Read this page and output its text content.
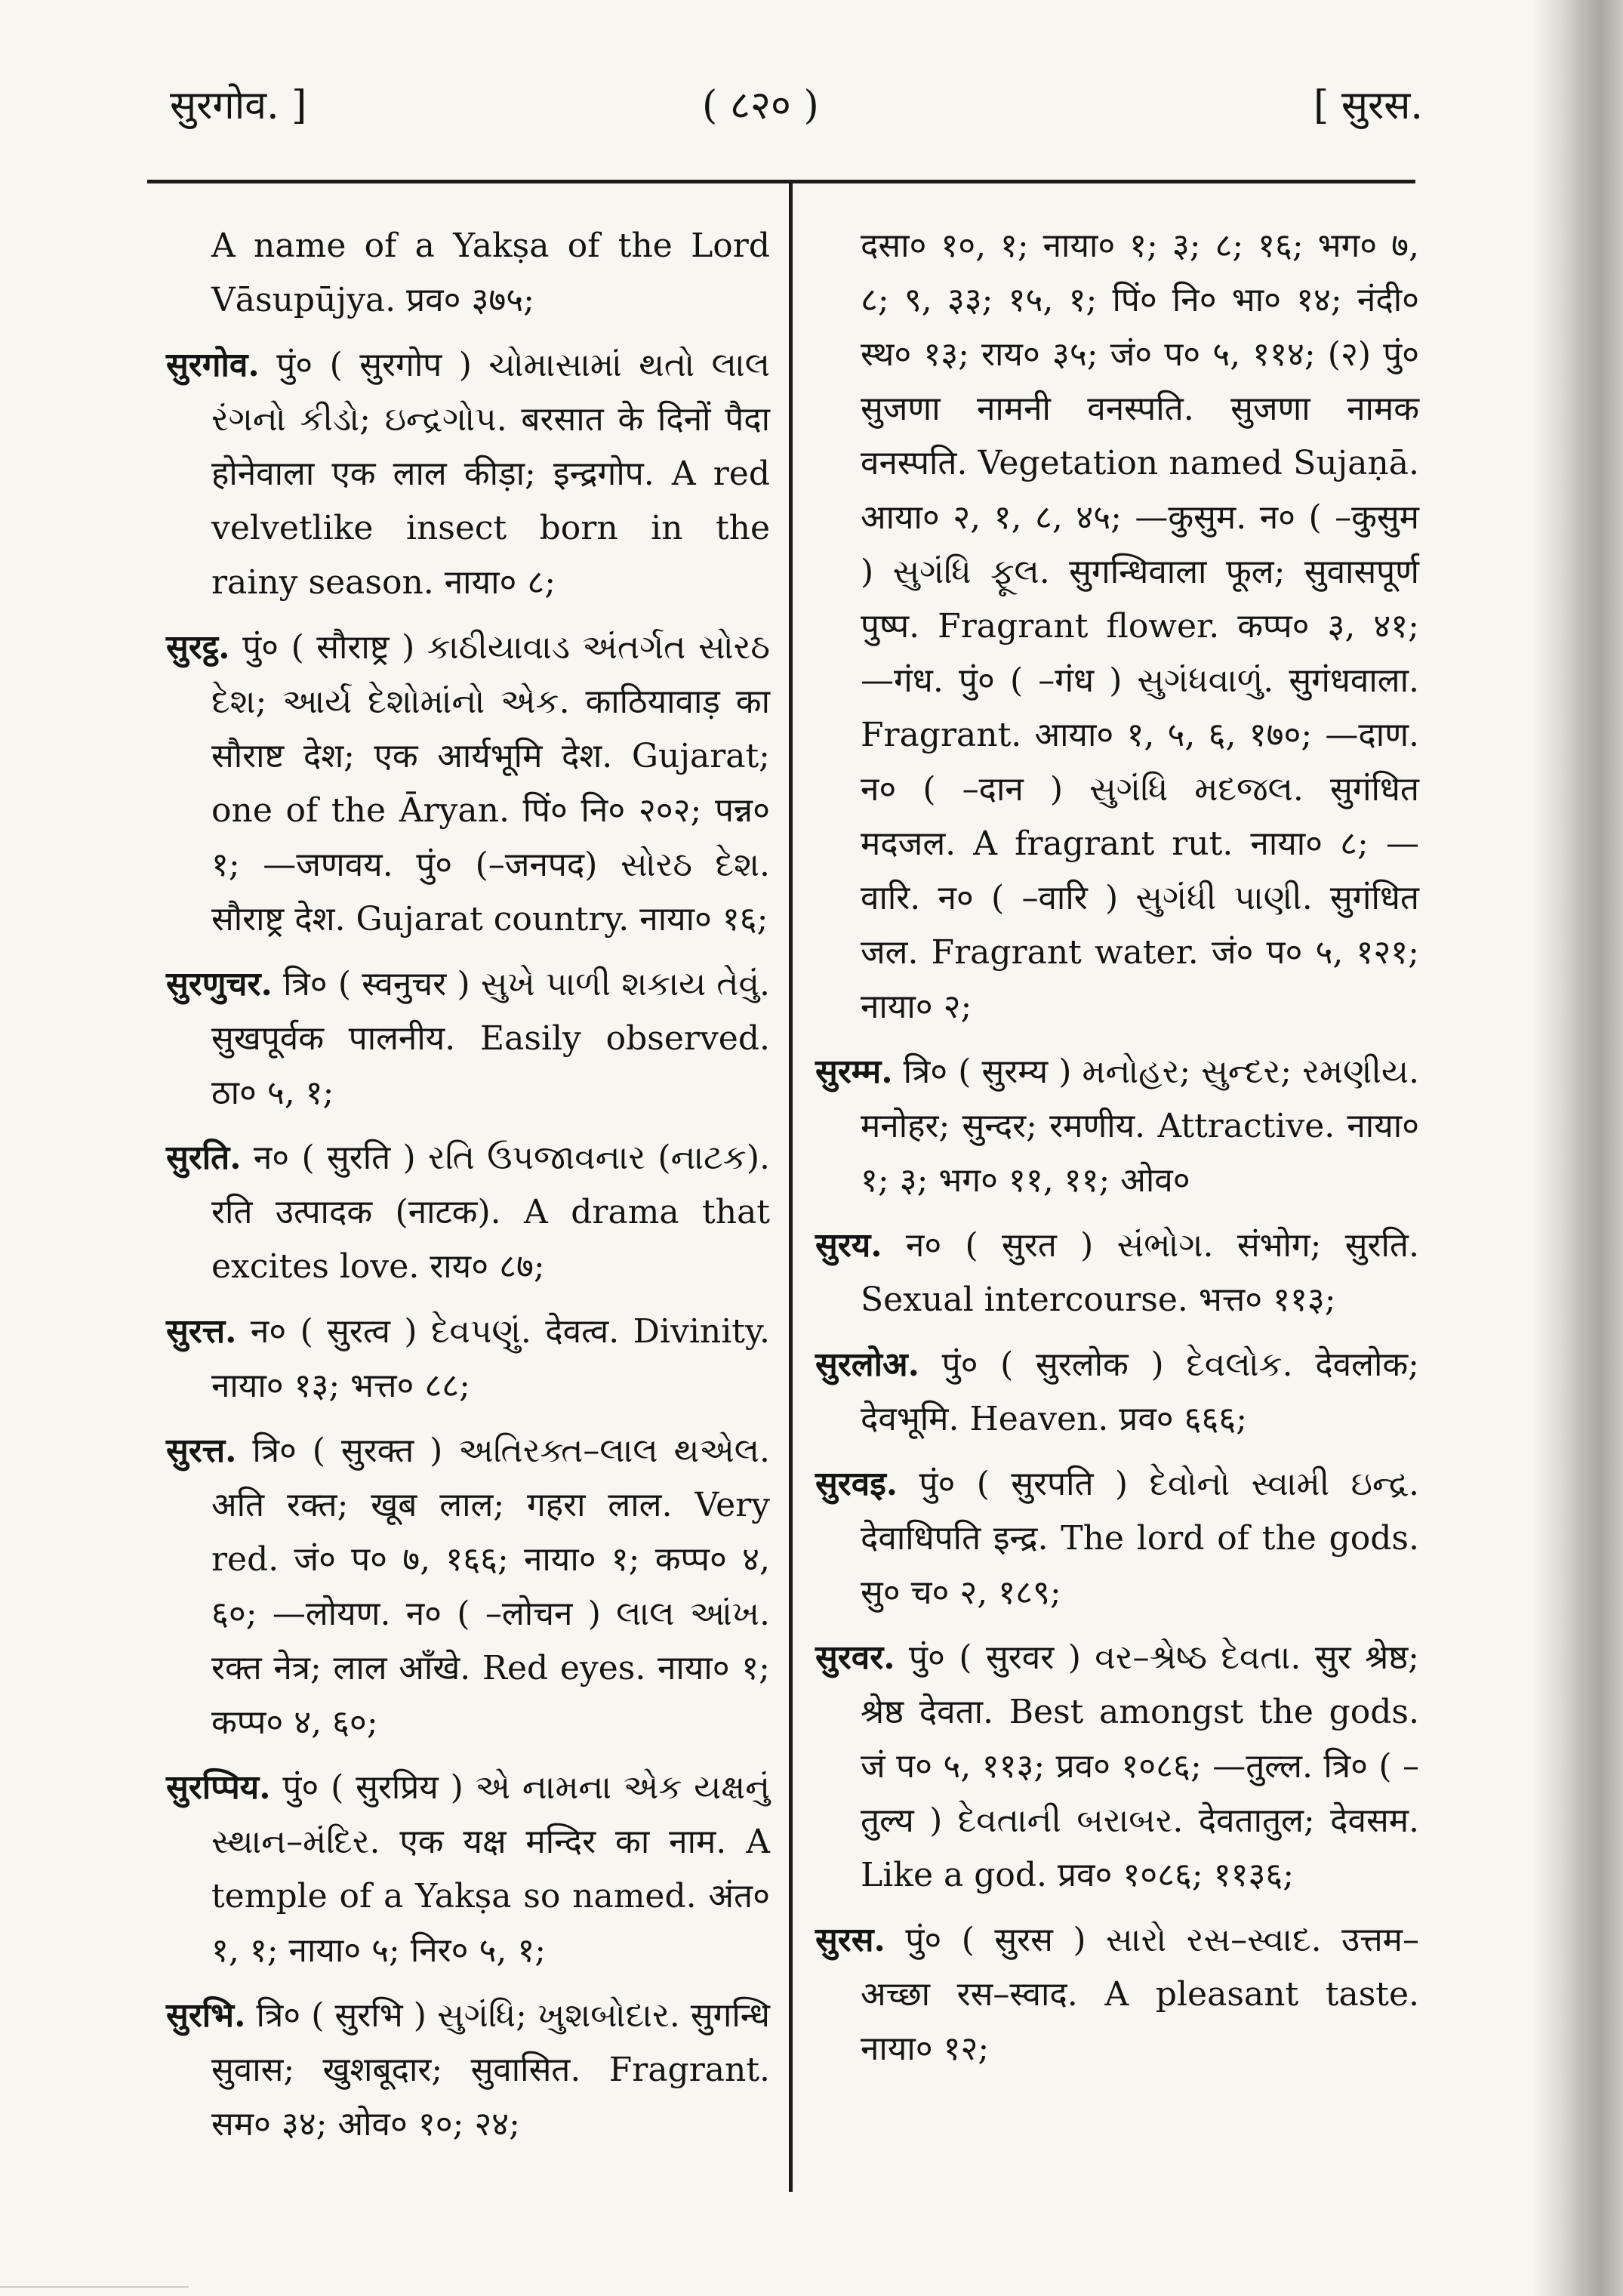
सुरगोव. ]	( ८२० )	[ सुरस.

A name of a Yakṣa of the Lord Vāsupūjya. प्रव० ३७५;

सुरगोव. पुं० ( सुरगोप ) ચોમાસામાં થતો લાલ રંગનો કીડો; ઇન્દ્રગોપ. बरसात के दिनों पैदा होनेवाला एक लाल कीड़ा; इन्द्रगोप. A red velvetlike insect born in the rainy season. नाया० ८;

सुरट्ठ. पुं० ( सौराष्ट्र ) કાઠીયાવાડ અંતર્ગત સોરઠ દેશ; આર્ય દેશોમાંનો એક. काठियावाड़ का सौराष्ट देश; एक आर्यभूमि देश. Gujarat; one of the Āryan. पिं० नि० २०२; पन्न० १; —जणवय. पुं० (–जनपद) સોરઠ દેશ. सौराष्ट्र देश. Gujarat country. नाया० १६;

सुरणुचर. त्रि० ( स्वनुचर ) સુખે પાળી શકાય તેવું. सुखपूर्वक पालनीय. Easily observed. ठा० ५, १;

सुरति. न० ( सुरति ) રતિ ઉપજાવનાર (નાટક). रति उत्पादक (नाटक). A drama that excites love. राय० ८७;

सुरत्त. न० ( सुरत्व ) દેવપણું. देवत्व. Divinity. नाया० १३; भत्त० ८८;

सुरत्त. त्रि० ( सुरक्त ) અતિરક્ત–લાલ થએલ. अति रक्त; खूब लाल; गहरा लाल. Very red. जं० प० ७, १६६; नाया० १; कप्प० ४, ६०; —लोयण. न० ( –लोचन ) લાલ આંખ. रक्त नेत्र; लाल आँखे. Red eyes. नाया० १; कप्प० ४, ६०;

सुरप्पिय. पुं० ( सुरप्रिय ) એ નામના એક યક્ષનું સ્થાન–મંદિર. एक यक्ष मन्दिर का नाम. A temple of a Yakṣa so named. अंत० १, १; नाया० ५; निर० ५, १;

सुरभि. त्रि० ( सुरभि ) સુગંધિ; ખુશબોદાર. सुगन्धि सुवास; खुशबूदार; सुवासित. Fragrant. सम० ३४; ओव० १०; २४;

दसा० १०, १; नाया० १; ३; ८; १६; भग० ७, ८; ९, ३३; १५, १; पिं० नि० भा० १४; नंदी० स्थ० १३; राय० ३५; जं० प० ५, ११४; (२) पुं० सुजणा नामनी वनस्पति. सुजणा नामक वनस्पति. Vegetation named Sujaṇā. आया० २, १, ८, ४५; —कुसुम. न० ( –कुसुम ) સુગંધિ ફૂલ. सुगन्धिवाला फूल; सुवासपूर्ण पुष्प. Fragrant flower. कप्प० ३, ४१; —गंध. पुं० ( –गंध ) સુગંધવાળું. सुगंधवाला. Fragrant. आया० १, ५, ६, १७०; —दाण. न० ( –दान ) સુગંધિ મદજલ. सुगंधित मदजल. A fragrant rut. नाया० ८; —वारि. न० ( –वारि ) સુગંધી પાણી. सुगंधित जल. Fragrant water. जं० प० ५, १२१; नाया० २;

सुरम्म. त्रि० ( सुरम्य ) મનોહર; સુન્દર; રમણીય. मनोहर; सुन्दर; रमणीय. Attractive. नाया० १; ३; भग० ११, ११; ओव०

सुरय. न० ( सुरत ) સંભોગ. संभोग; सुरति. Sexual intercourse. भत्त० ११३;

सुरलोअ. पुं० ( सुरलोक ) દેવલોક. देवलोक; देवभूमि. Heaven. प्रव० ६६६;

सुरवइ. पुं० ( सुरपति ) દેવોનો સ્વામી ઇન્દ્ર. देवाधिपति इन्द्र. The lord of the gods. सु० च० २, १८९;

सुरवर. पुं० ( सुरवर ) વર–શ્રેષ્ઠ દેવતા. सुर श्रेष्ठ; श्रेष्ठ देवता. Best amongst the gods. जं प० ५, ११३; प्रव० १०८६; —तुल्ल. त्रि० ( –तुल्य ) દેવતાની બરાબર. देवतातुल; देवसम. Like a god. प्रव० १०८६; ११३६;

सुरस. पुं० ( सुरस ) સારો રસ–સ્વાદ. उत्तम–अच्छा रस–स्वाद. A pleasant taste. नाया० १२;
